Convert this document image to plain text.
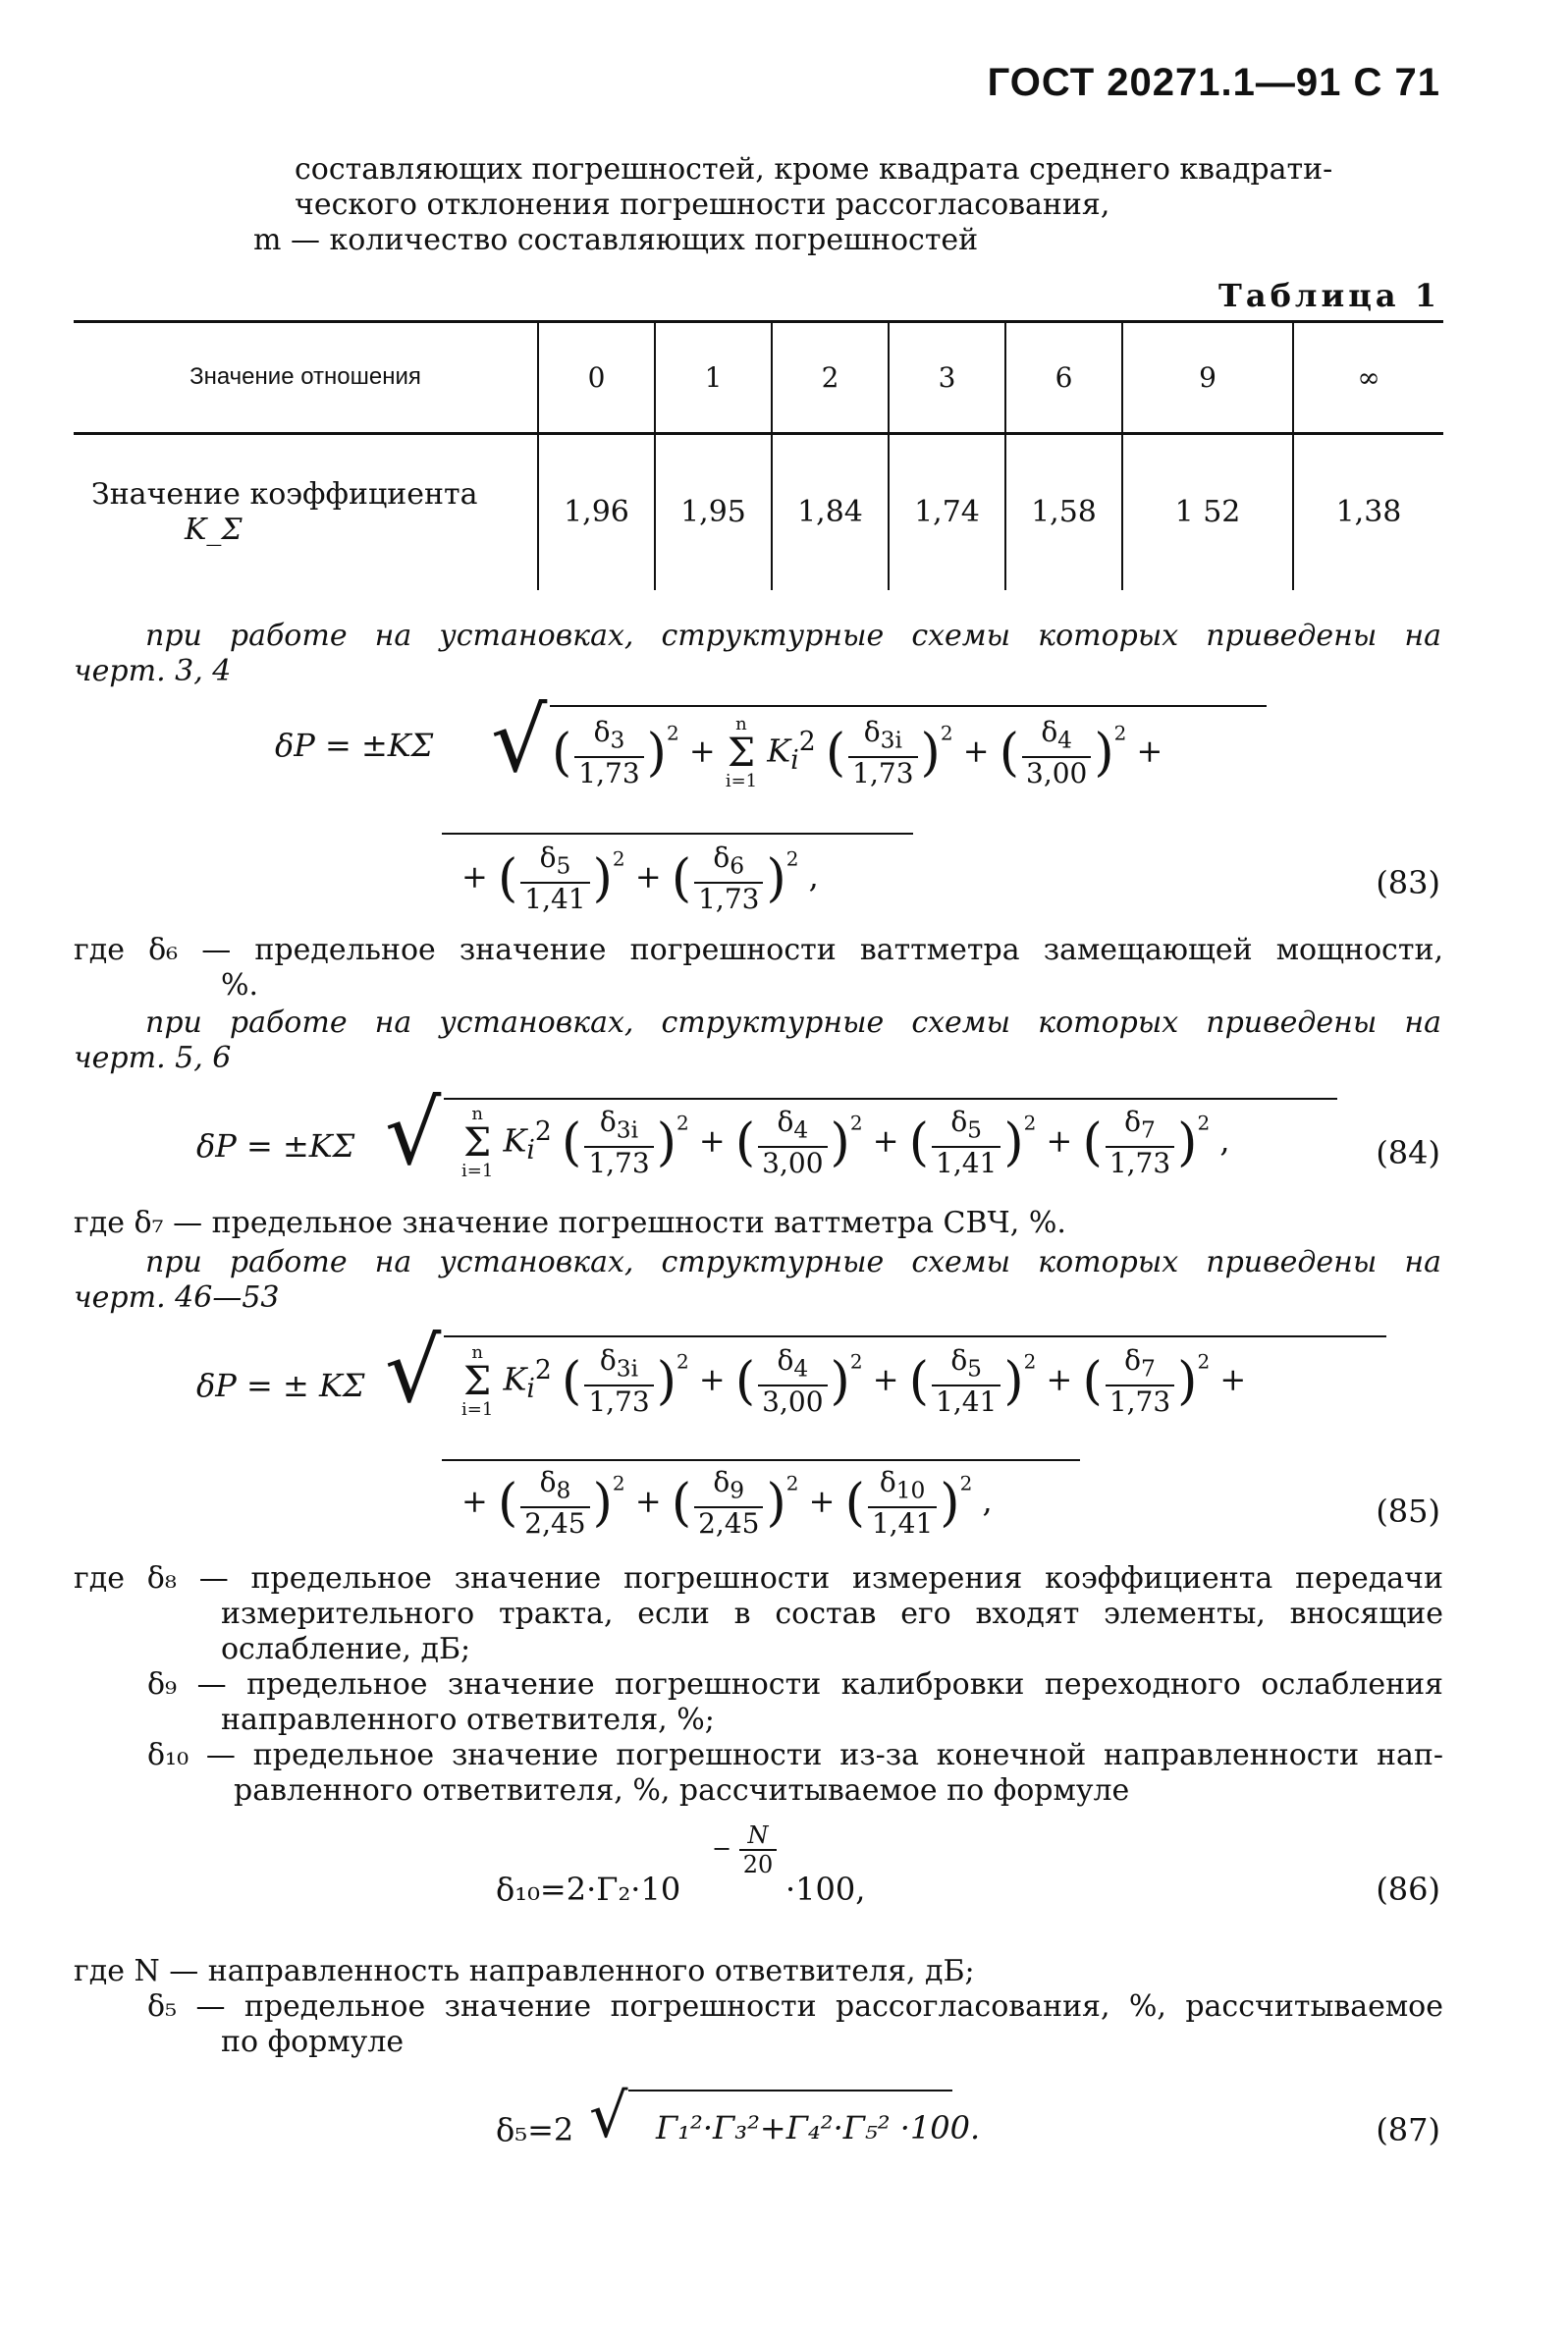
ГОСТ 20271.1—91 С 71
составляющих погрешностей, кроме квадрата среднего квадрати-
ческого отклонения погрешности рассогласования,
m — количество составляющих погрешностей
Таблица 1
Значение отношения	0	1	2	3	6	9	∞

Значение коэффициента
K_Σ	1,96	1,95	1,84	1,74	1,58	1 52	1,38
при работе на установках, структурные схемы которых приведены на
черт. 3, 4
δP = ±KΣ √ ( $\frac{\delta_3}{1,73} )^2 + n$
Σ
i=1 $K_i^2$ ( $\frac{\delta_{3i}}{1,73} )^2$ + ( $\frac{\delta_4}{3,00} )^2$ +
+ ( $\frac{\delta_5}{1,41} )^2$ + ( $\frac{\delta_6}{1,73} )^2$ ,	(83)
где δ₆ — предельное значение погрешности ваттметра замещающей мощности,
%.
при работе на установках, структурные схемы которых приведены на
черт. 5, 6
δP = ±KΣ √	n
Σ
i=1 $K_i^2$ ( $\frac{\delta_{3i}}{1,73} )^2$ + ( $\frac{\delta_4}{3,00} )^2$ + ( $\frac{\delta_5}{1,41} )^2$ + ( $\frac{\delta_7}{1,73} )^2$ ,	(84)
где δ₇ — предельное значение погрешности ваттметра СВЧ, %.
при работе на установках, структурные схемы которых приведены на
черт. 46—53
δP = ± KΣ √	n
Σ
i=1 $K_i^2$ ( $\frac{\delta_{3i}}{1,73} )^2$ + ( $\frac{\delta_4}{3,00} )^2$ + ( $\frac{\delta_5}{1,41} )^2$ + ( $\frac{\delta_7}{1,73} )^2$ +
+ ( $\frac{\delta_8}{2,45} )^2$ + ( $\frac{\delta_9}{2,45} )^2$ + ( $\frac{\delta_{10}}{1,41} )^2$ ,	(85)
где δ₈ — предельное значение погрешности измерения коэффициента передачи
измерительного тракта, если в состав его входят элементы, вносящие
ослабление, дБ;
δ₉ — предельное значение погрешности калибровки переходного ослабления
направленного ответвителя, %;
δ₁₀ — предельное значение погрешности из-за конечной направленности нап-
равленного ответвителя, %, рассчитываемое по формуле
δ₁₀=2·Γ₂·10
− $\frac{N}{20}$
·100,	(86)
где N — направленность направленного ответвителя, дБ;
δ₅ — предельное значение погрешности рассогласования, %, рассчитываемое
по формуле
δ₅=2 √ Γ₁²·Γ₃²+Γ₄²·Γ₅² ·100.	(87)
